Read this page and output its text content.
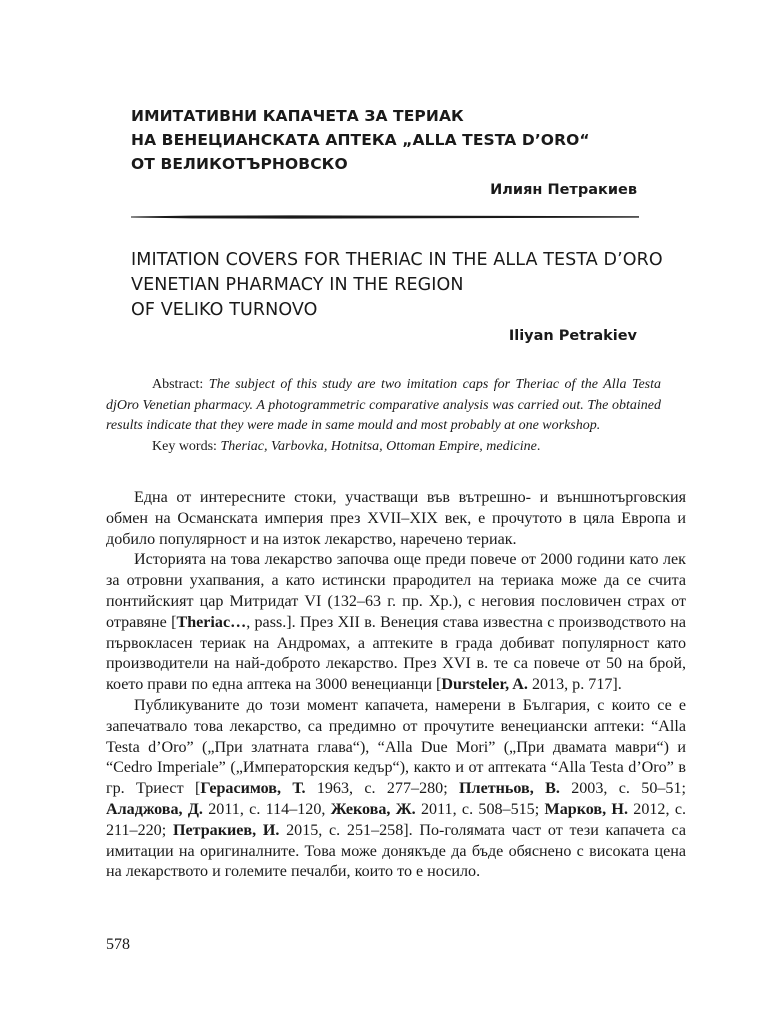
ИМИТАТИВНИ КАПАЧЕТА ЗА ТЕРИАК
НА ВЕНЕЦИАНСКАТА АПТЕКА „ALLA TESTA D’ORO“
ОТ ВЕЛИКОТЪРНОВСКО
Илиян Петракиев
IMITATION COVERS FOR THERIAC IN THE ALLA TESTA D’ORO
VENETIAN PHARMACY IN THE REGION
OF VELIKO TURNOVO
Iliyan Petrakiev
Abstract: The subject of this study are two imitation caps for Theriac of the Alla Testa djOro Venetian pharmacy. A photogrammetric comparative analysis was carried out. The obtained results indicate that they were made in same mould and most probably at one workshop.
Key words: Theriac, Varbovka, Hotnitsa, Ottoman Empire, medicine.

Една от интересните стоки, участващи във вътрешно- и външнотърговския обмен на Османската империя през XVII–XIX век, е прочутото в цяла Европа и добило популярност и на изток лекарство, наречено териак.

Историята на това лекарство започва още преди повече от 2000 години като лек за отровни ухапвания, а като истински прародител на териака може да се счита понтийският цар Митридат VI (132–63 г. пр. Хр.), с неговия пословичен страх от отравяне [Theriac…, pass.]. През XII в. Венеция става известна с производството на първокласен териак на Андромах, а аптеките в града добиват популярност като производители на най-доброто лекарство. През XVI в. те са повече от 50 на брой, което прави по една аптека на 3000 венецианци [Dursteler, A. 2013, p. 717].

Публикуваните до този момент капачета, намерени в България, с които се е запечатвало това лекарство, са предимно от прочутите венециански аптеки: “Alla Testa d’Oro” („При златната глава“), “Alla Due Mori” („При двамата маври“) и “Cedro Imperiale” („Императорския кедър“), както и от аптеката “Alla Testa d’Oro” в гр. Триест [Герасимов, Т. 1963, с. 277–280; Плетньов, В. 2003, с. 50–51; Аладжова, Д. 2011, с. 114–120, Жекова, Ж. 2011, с. 508–515; Марков, Н. 2012, с. 211–220; Петракиев, И. 2015, с. 251–258]. По-голямата част от тези капачета са имитации на оригиналните. Това може донякъде да бъде обяснено с високата цена на лекарството и големите печалби, които то е носило.

578
